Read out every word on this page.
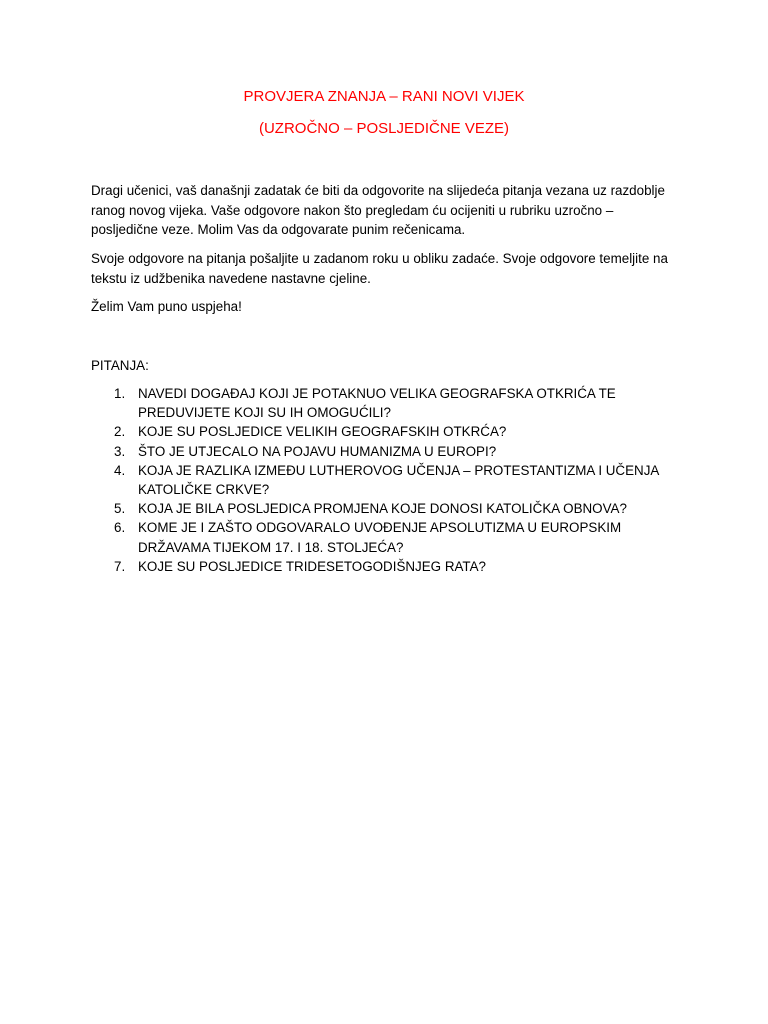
PROVJERA ZNANJA – RANI NOVI VIJEK
(UZROČNO – POSLJEDIČNE VEZE)

Dragi učenici, vaš današnji zadatak će biti da odgovorite na slijedeća pitanja vezana uz razdoblje ranog novog vijeka. Vaše odgovore nakon što pregledam ću ocijeniti u rubriku uzročno – posljedične veze. Molim Vas da odgovarate punim rečenicama.

Svoje odgovore na pitanja pošaljite u zadanom roku u obliku zadaće. Svoje odgovore temeljite na tekstu iz udžbenika navedene nastavne cjeline.

Želim Vam puno uspjeha!

PITANJA:

1. NAVEDI DOGAĐAJ KOJI JE POTAKNUO VELIKA GEOGRAFSKA OTKRIĆA TE PREDUVIJETE KOJI SU IH OMOGUĆILI?
2. KOJE SU POSLJEDICE VELIKIH GEOGRAFSKIH OTKRĆA?
3. ŠTO JE UTJECALO NA POJAVU HUMANIZMA U EUROPI?
4. KOJA JE RAZLIKA IZMEĐU LUTHEROVOG UČENJA – PROTESTANTIZMA I UČENJA KATOLIČKE CRKVE?
5. KOJA JE BILA POSLJEDICA PROMJENA KOJE DONOSI KATOLIČKA OBNOVA?
6. KOME JE I ZAŠTO ODGOVARALO UVOĐENJE APSOLUTIZMA U EUROPSKIM DRŽAVAMA TIJEKOM 17. I 18. STOLJEĆA?
7. KOJE SU POSLJEDICE TRIDESETOGODIŠNJEG RATA?
